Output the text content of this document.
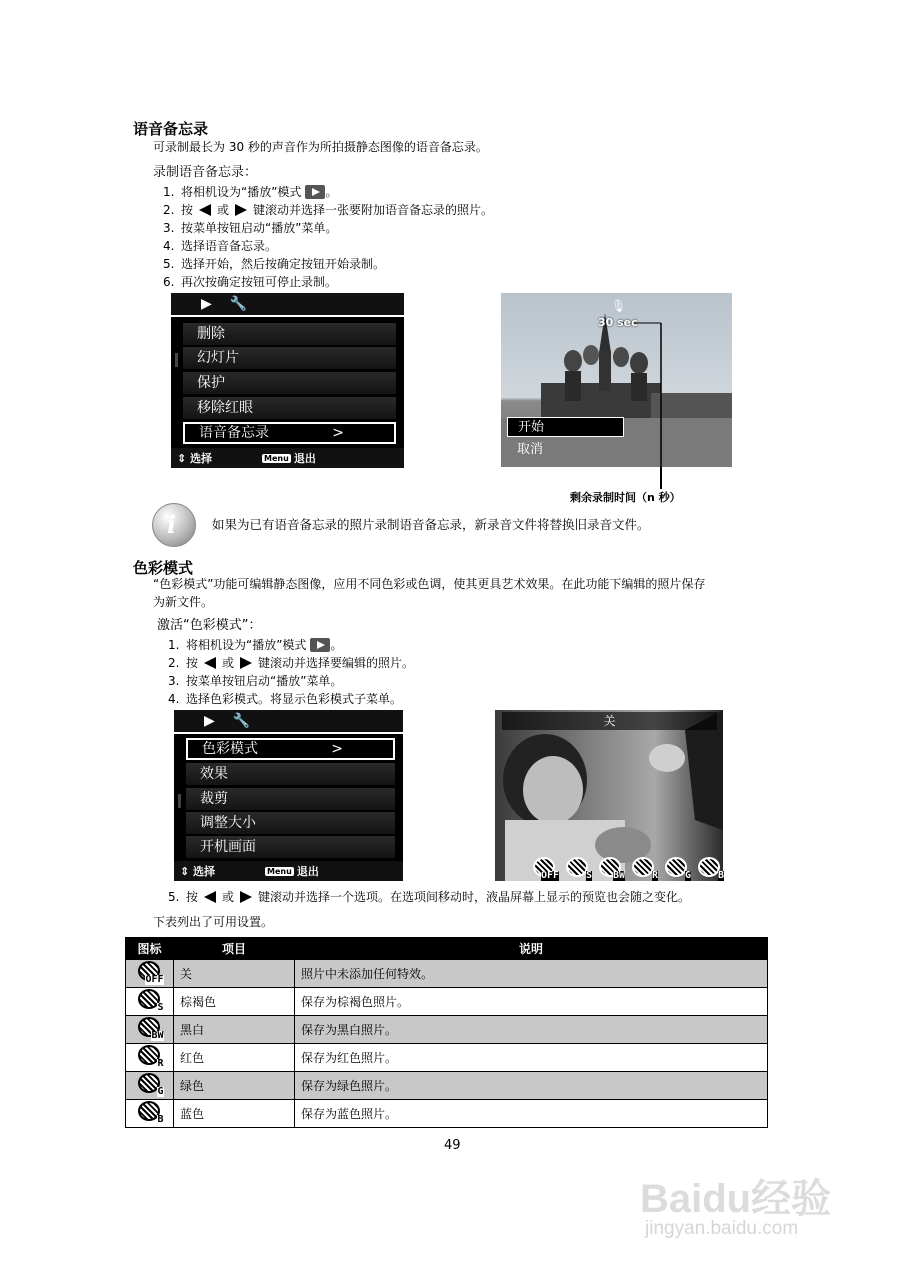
语音备忘录
可录制最长为 30 秒的声音作为所拍摄静态图像的语音备忘录。
录制语音备忘录：
1. 将相机设为“播放”模式 。
2. 按 或 键滚动并选择一张要附加语音备忘录的照片。
3. 按菜单按钮启动“播放”菜单。
4. 选择语音备忘录。
5. 选择开始，然后按确定按钮开始录制。
6. 再次按确定按钮可停止录制。
▶ 🔧
删除
幻灯片
保护
移除红眼
语音备忘录	>
⇕ 选择	Menu 退出
🎙
30 sec
开始
取消
剩余录制时间（n 秒）
i	如果为已有语音备忘录的照片录制语音备忘录，新录音文件将替换旧录音文件。
色彩模式
“色彩模式”功能可编辑静态图像，应用不同色彩或色调，使其更具艺术效果。在此功能下编辑的照片保存
为新文件。
激活“色彩模式”：
1. 将相机设为“播放”模式 。
2. 按 或 键滚动并选择要编辑的照片。
3. 按菜单按钮启动“播放”菜单。
4. 选择色彩模式。将显示色彩模式子菜单。
▶ 🔧
色彩模式	>
效果
裁剪
调整大小
开机画面
⇕ 选择	Menu 退出
关
OFF	S BW	R	G	B
5. 按 或 键滚动并选择一个选项。在选项间移动时，液晶屏幕上显示的预览也会随之变化。
下表列出了可用设置。
图标	项目	说明

OFF	关	照片中未添加任何特效。

S	棕褐色	保存为棕褐色照片。

BW	黑白	保存为黑白照片。

R	红色	保存为红色照片。

G	绿色	保存为绿色照片。

B	蓝色	保存为蓝色照片。
49
Baidu经验
jingyan.baidu.com
